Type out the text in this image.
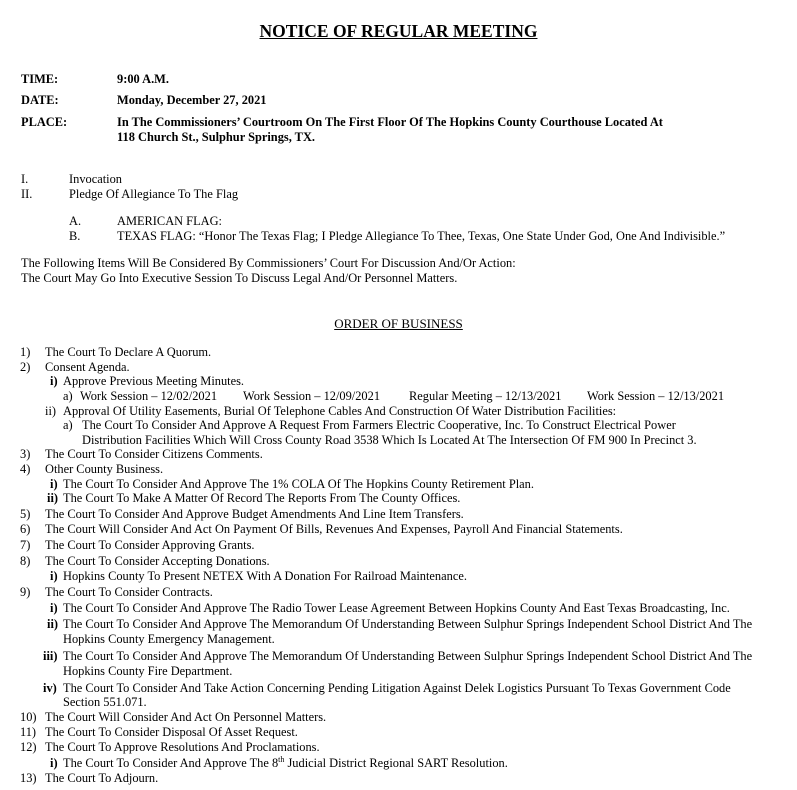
NOTICE OF REGULAR MEETING
TIME:	9:00 A.M.
DATE:	Monday, December 27, 2021
PLACE:	In The Commissioners’ Courtroom On The First Floor Of The Hopkins County Courthouse Located At
118 Church St., Sulphur Springs, TX.
I.	Invocation
II.	Pledge Of Allegiance To The Flag
A.	AMERICAN FLAG:
B.	TEXAS FLAG: “Honor The Texas Flag; I Pledge Allegiance To Thee, Texas, One State Under God, One And Indivisible.”
The Following Items Will Be Considered By Commissioners’ Court For Discussion And/Or Action:
The Court May Go Into Executive Session To Discuss Legal And/Or Personnel Matters.
ORDER OF BUSINESS
1) The Court To Declare A Quorum.
2) Consent Agenda.
i) Approve Previous Meeting Minutes.
a) Work Session – 12/02/2021 Work Session – 12/09/2021 Regular Meeting – 12/13/2021 Work Session – 12/13/2021
ii) Approval Of Utility Easements, Burial Of Telephone Cables And Construction Of Water Distribution Facilities:
a) The Court To Consider And Approve A Request From Farmers Electric Cooperative, Inc. To Construct Electrical Power
Distribution Facilities Which Will Cross County Road 3538 Which Is Located At The Intersection Of FM 900 In Precinct 3.
3) The Court To Consider Citizens Comments.
4) Other County Business.
i) The Court To Consider And Approve The 1% COLA Of The Hopkins County Retirement Plan.
ii) The Court To Make A Matter Of Record The Reports From The County Offices.
5) The Court To Consider And Approve Budget Amendments And Line Item Transfers.
6) The Court Will Consider And Act On Payment Of Bills, Revenues And Expenses, Payroll And Financial Statements.
7) The Court To Consider Approving Grants.
8) The Court To Consider Accepting Donations.
i) Hopkins County To Present NETEX With A Donation For Railroad Maintenance.
9) The Court To Consider Contracts.
i) The Court To Consider And Approve The Radio Tower Lease Agreement Between Hopkins County And East Texas Broadcasting, Inc.
ii) The Court To Consider And Approve The Memorandum Of Understanding Between Sulphur Springs Independent School District And The
Hopkins County Emergency Management.
iii) The Court To Consider And Approve The Memorandum Of Understanding Between Sulphur Springs Independent School District And The
Hopkins County Fire Department.
iv) The Court To Consider And Take Action Concerning Pending Litigation Against Delek Logistics Pursuant To Texas Government Code
Section 551.071.
10) The Court Will Consider And Act On Personnel Matters.
11) The Court To Consider Disposal Of Asset Request.
12) The Court To Approve Resolutions And Proclamations.
i) The Court To Consider And Approve The 8th Judicial District Regional SART Resolution.
13) The Court To Adjourn.
